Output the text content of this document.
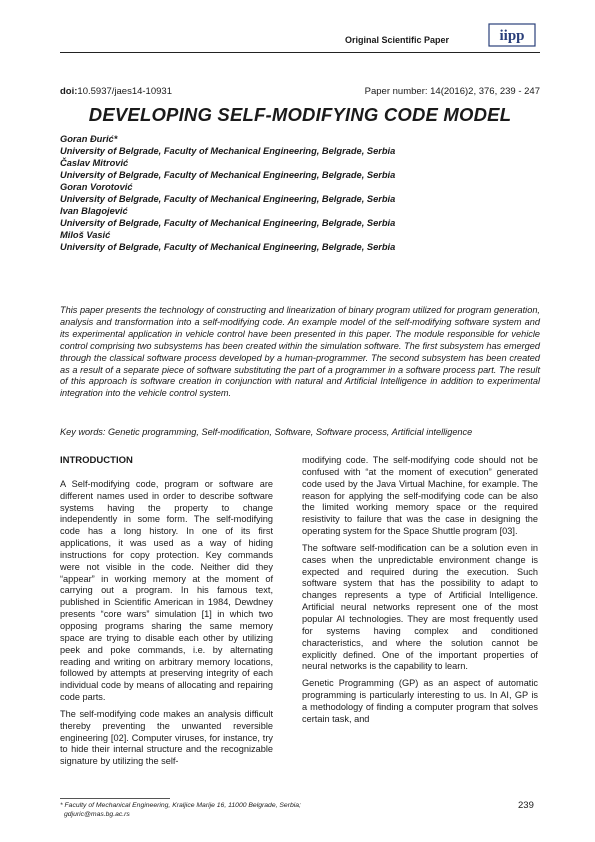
Original Scientific Paper	iipp
doi:10.5937/jaes14-10931	Paper number: 14(2016)2, 376, 239 - 247
DEVELOPING SELF-MODIFYING CODE MODEL
Goran Đurić*
University of Belgrade, Faculty of Mechanical Engineering, Belgrade, Serbia
Časlav Mitrović
University of Belgrade, Faculty of Mechanical Engineering, Belgrade, Serbia
Goran Vorotović
University of Belgrade, Faculty of Mechanical Engineering, Belgrade, Serbia
Ivan Blagojević
University of Belgrade, Faculty of Mechanical Engineering, Belgrade, Serbia
Miloš Vasić
University of Belgrade, Faculty of Mechanical Engineering, Belgrade, Serbia
This paper presents the technology of constructing and linearization of binary program utilized for program generation, analysis and transformation into a self-modifying code. An example model of the self-modifying software system and its experimental application in vehicle control have been presented in this paper. The module responsible for vehicle control comprising two subsystems has been created within the simulation software. The first subsystem has emerged through the classical software process developed by a human-programmer. The second subsystem has been created as a result of a separate piece of software substituting the part of a programmer in a software process part. The result of this approach is software creation in conjunction with natural and Artificial Intelligence in addition to experimental integration into the vehicle control system.
Key words: Genetic programming, Self-modification, Software, Software process, Artificial intelligence

INTRODUCTION

A Self-modifying code, program or software are different names used in order to describe software systems having the property to change independently in some form. The self-modifying code has a long history. In one of its first applications, it was used as a way of hiding instructions for copy protection. Key commands were not visible in the code. Neither did they “appear” in working memory at the moment of carrying out a program. In his famous text, published in Scientific American in 1984, Dewdney presents “core wars” simulation [1] in which two opposing programs sharing the same memory space are trying to disable each other by utilizing peek and poke commands, i.e. by alternating reading and writing on arbitrary memory locations, followed by attempts at preserving integrity of each individual code by means of allocating and repairing code parts.

The self-modifying code makes an analysis difficult thereby preventing the unwanted reversible engineering [02]. Computer viruses, for instance, try to hide their internal structure and the recognizable signature by utilizing the self-

modifying code. The self-modifying code should not be confused with “at the moment of execution” generated code used by the Java Virtual Machine, for example. The reason for applying the self-modifying code can be also the limited working memory space or the required resistivity to failure that was the case in designing the operating system for the Space Shuttle program [03].

The software self-modification can be a solution even in cases when the unpredictable environment change is expected and required during the execution. Such software system that has the possibility to adapt to changes represents a type of Artificial Intelligence. Artificial neural networks represent one of the most popular AI technologies. They are most frequently used for systems having complex and conditioned characteristics, and where the solution cannot be explicitly defined. One of the important properties of neural networks is the capability to learn.

Genetic Programming (GP) as an aspect of automatic programming is particularly interesting to us. In AI, GP is a methodology of finding a computer program that solves certain task, and

* Faculty of Mechanical Engineering, Kraljice Marije 16, 11000 Belgrade, Serbia;
gdjuric@mas.bg.ac.rs
239
